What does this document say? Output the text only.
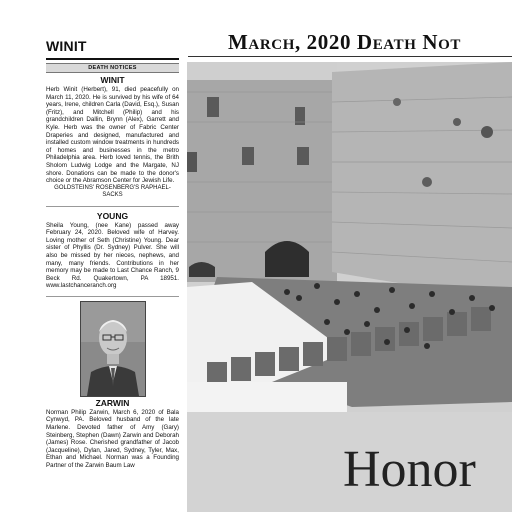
WINIT
DEATH NOTICES
WINIT

Herb Winit (Herbert), 91, died peacefully on March 11, 2020. He is survived by his wife of 64 years, Irene, children Carla (David, Esq.), Susan (Fritz), and Mitchell (Philip) and his grandchildren Dallin, Brynn (Alex), Garrett and Kyle. Herb was the owner of Fabric Center Draperies and designed, manufactured and installed custom window treatments in hundreds of homes and businesses in the metro Philadelphia area. Herb loved tennis, the Brith Sholom Ludwig Lodge and the Margate, NJ shore. Donations can be made to the donor's choice or the Abramson Center for Jewish Life.

GOLDSTEINS' ROSENBERG'S RAPHAEL-SACKS

YOUNG

Sheila Young, (nee Kane) passed away February 24, 2020. Beloved wife of Harvey. Loving mother of Seth (Christine) Young. Dear sister of Phyllis (Dr. Sydney) Pulver. She will also be missed by her nieces, nephews, and many, many friends. Contributions in her memory may be made to Last Chance Ranch, 9 Beck Rd. Quakertown, PA 18951. www.lastchanceranch.org

ZARWIN

Norman Philip Zarwin, March 6, 2020 of Bala Cynwyd, PA. Beloved husband of the late Marlene. Devoted father of Amy (Gary) Steinberg, Stephen (Dawn) Zarwin and Deborah (James) Rose. Cherished grandfather of Jacob (Jacqueline), Dylan, Jared, Sydney, Tyler, Max, Ethan and Michael. Norman was a Founding Partner of the Zarwin Baum Law

March, 2020 Death Not
Honor
